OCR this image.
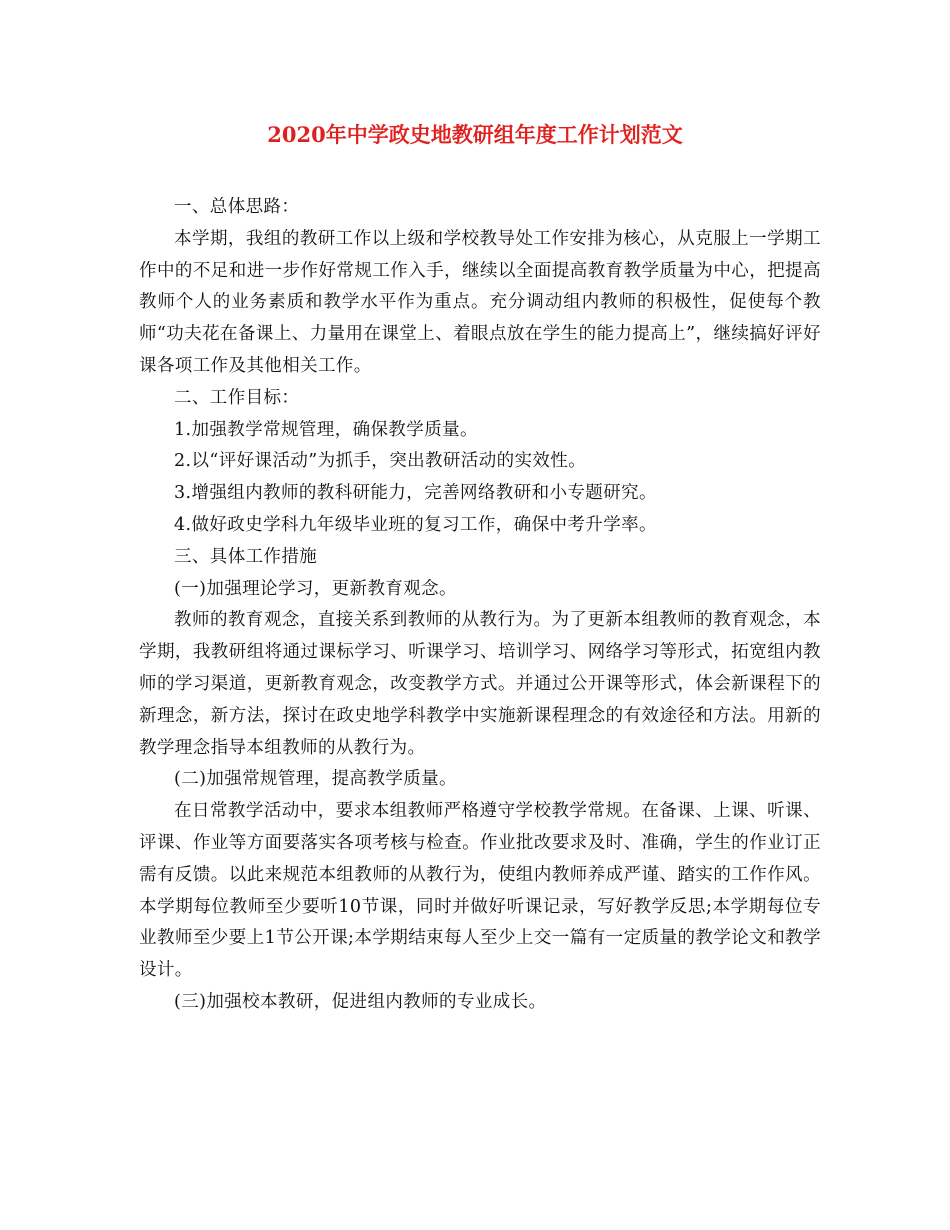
2020年中学政史地教研组年度工作计划范文

一、总体思路：

本学期，我组的教研工作以上级和学校教导处工作安排为核心，从克服上一学期工作中的不足和进一步作好常规工作入手，继续以全面提高教育教学质量为中心，把提高教师个人的业务素质和教学水平作为重点。充分调动组内教师的积极性，促使每个教师“功夫花在备课上、力量用在课堂上、着眼点放在学生的能力提高上”，继续搞好评好课各项工作及其他相关工作。

二、工作目标：

1.加强教学常规管理，确保教学质量。

2.以“评好课活动”为抓手，突出教研活动的实效性。

3.增强组内教师的教科研能力，完善网络教研和小专题研究。

4.做好政史学科九年级毕业班的复习工作，确保中考升学率。

三、具体工作措施

(一)加强理论学习，更新教育观念。

教师的教育观念，直接关系到教师的从教行为。为了更新本组教师的教育观念，本学期，我教研组将通过课标学习、听课学习、培训学习、网络学习等形式，拓宽组内教师的学习渠道，更新教育观念，改变教学方式。并通过公开课等形式，体会新课程下的新理念，新方法，探讨在政史地学科教学中实施新课程理念的有效途径和方法。用新的教学理念指导本组教师的从教行为。

(二)加强常规管理，提高教学质量。

在日常教学活动中，要求本组教师严格遵守学校教学常规。在备课、上课、听课、评课、作业等方面要落实各项考核与检查。作业批改要求及时、准确，学生的作业订正需有反馈。以此来规范本组教师的从教行为，使组内教师养成严谨、踏实的工作作风。本学期每位教师至少要听10节课，同时并做好听课记录，写好教学反思;本学期每位专业教师至少要上1节公开课;本学期结束每人至少上交一篇有一定质量的教学论文和教学设计。

(三)加强校本教研，促进组内教师的专业成长。
